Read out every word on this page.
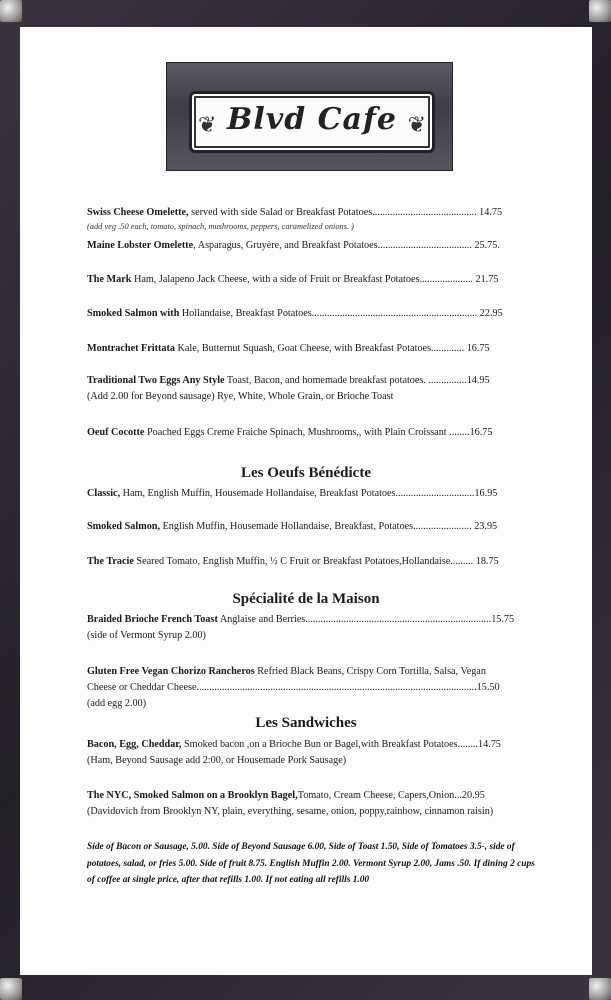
❦ Blvd Cafe ❦
Swiss Cheese Omelette, served with side Salad or Breakfast Potatoes......................................... 14.75
(add veg .50 each, tomato, spinach, mushrooms, peppers, caramelized onions. )
Maine Lobster Omelette, Asparagus, Gruyère, and Breakfast Potatoes..................................... 25.75.
The Mark Ham, Jalapeno Jack Cheese, with a side of Fruit or Breakfast Potatoes..................... 21.75
Smoked Salmon with Hollandaise, Breakfast Potatoes................................................................. 22.95
Montrachet Frittata Kale, Butternut Squash, Goat Cheese, with Breakfast Potatoes............. 16.75
Traditional Two Eggs Any Style Toast, Bacon, and homemade breakfast potatoes. ...............14.95
(Add 2.00 for Beyond sausage) Rye, White, Whole Grain, or Brioche Toast
Oeuf Cocotte Poached Eggs Creme Fraiche Spinach, Mushrooms,, with Plain Croissant ........16.75
Les Oeufs Bénédicte
Classic, Ham, English Muffin, Housemade Hollandaise, Breakfast Potatoes...............................16.95
Smoked Salmon, English Muffin, Housemade Hollandaise, Breakfast, Potatoes....................... 23.95
The Tracie Seared Tomato, English Muffin, ½ C Fruit or Breakfast Potatoes,Hollandaise......... 18.75
Spécialité de la Maison
Braided Brioche French Toast Anglaise and Berries.........................................................................15.75
(side of Vermont Syrup 2.00)
Gluten Free Vegan Chorizo Rancheros Refried Black Beans, Crispy Corn Tortilla, Salsa, Vegan
Cheese or Cheddar Cheese..............................................................................................................15.50
(add egg 2.00)
Les Sandwiches
Bacon, Egg, Cheddar, Smoked bacon ,on a Brioche Bun or Bagel,with Breakfast Potatoes........14.75
(Ham, Beyond Sausage add 2:00, or Housemade Pork Sausage)
The NYC, Smoked Salmon on a Brooklyn Bagel,Tomato, Cream Cheese, Capers,Onion...20.95
(Davidovich from Brooklyn NY, plain, everything, sesame, onion, poppy,rainbow, cinnamon raisin)
Side of Bacon or Sausage, 5.00. Side of Beyond Sausage 6.00, Side of Toast 1.50, Side of Tomatoes 3.5-, side of potatoes, salad, or fries 5.00. Side of fruit 8.75. English Muffin 2.00. Vermont Syrup 2.00, Jams .50. If dining 2 cups of coffee at single price, after that refills 1.00. If not eating all refills 1.00
